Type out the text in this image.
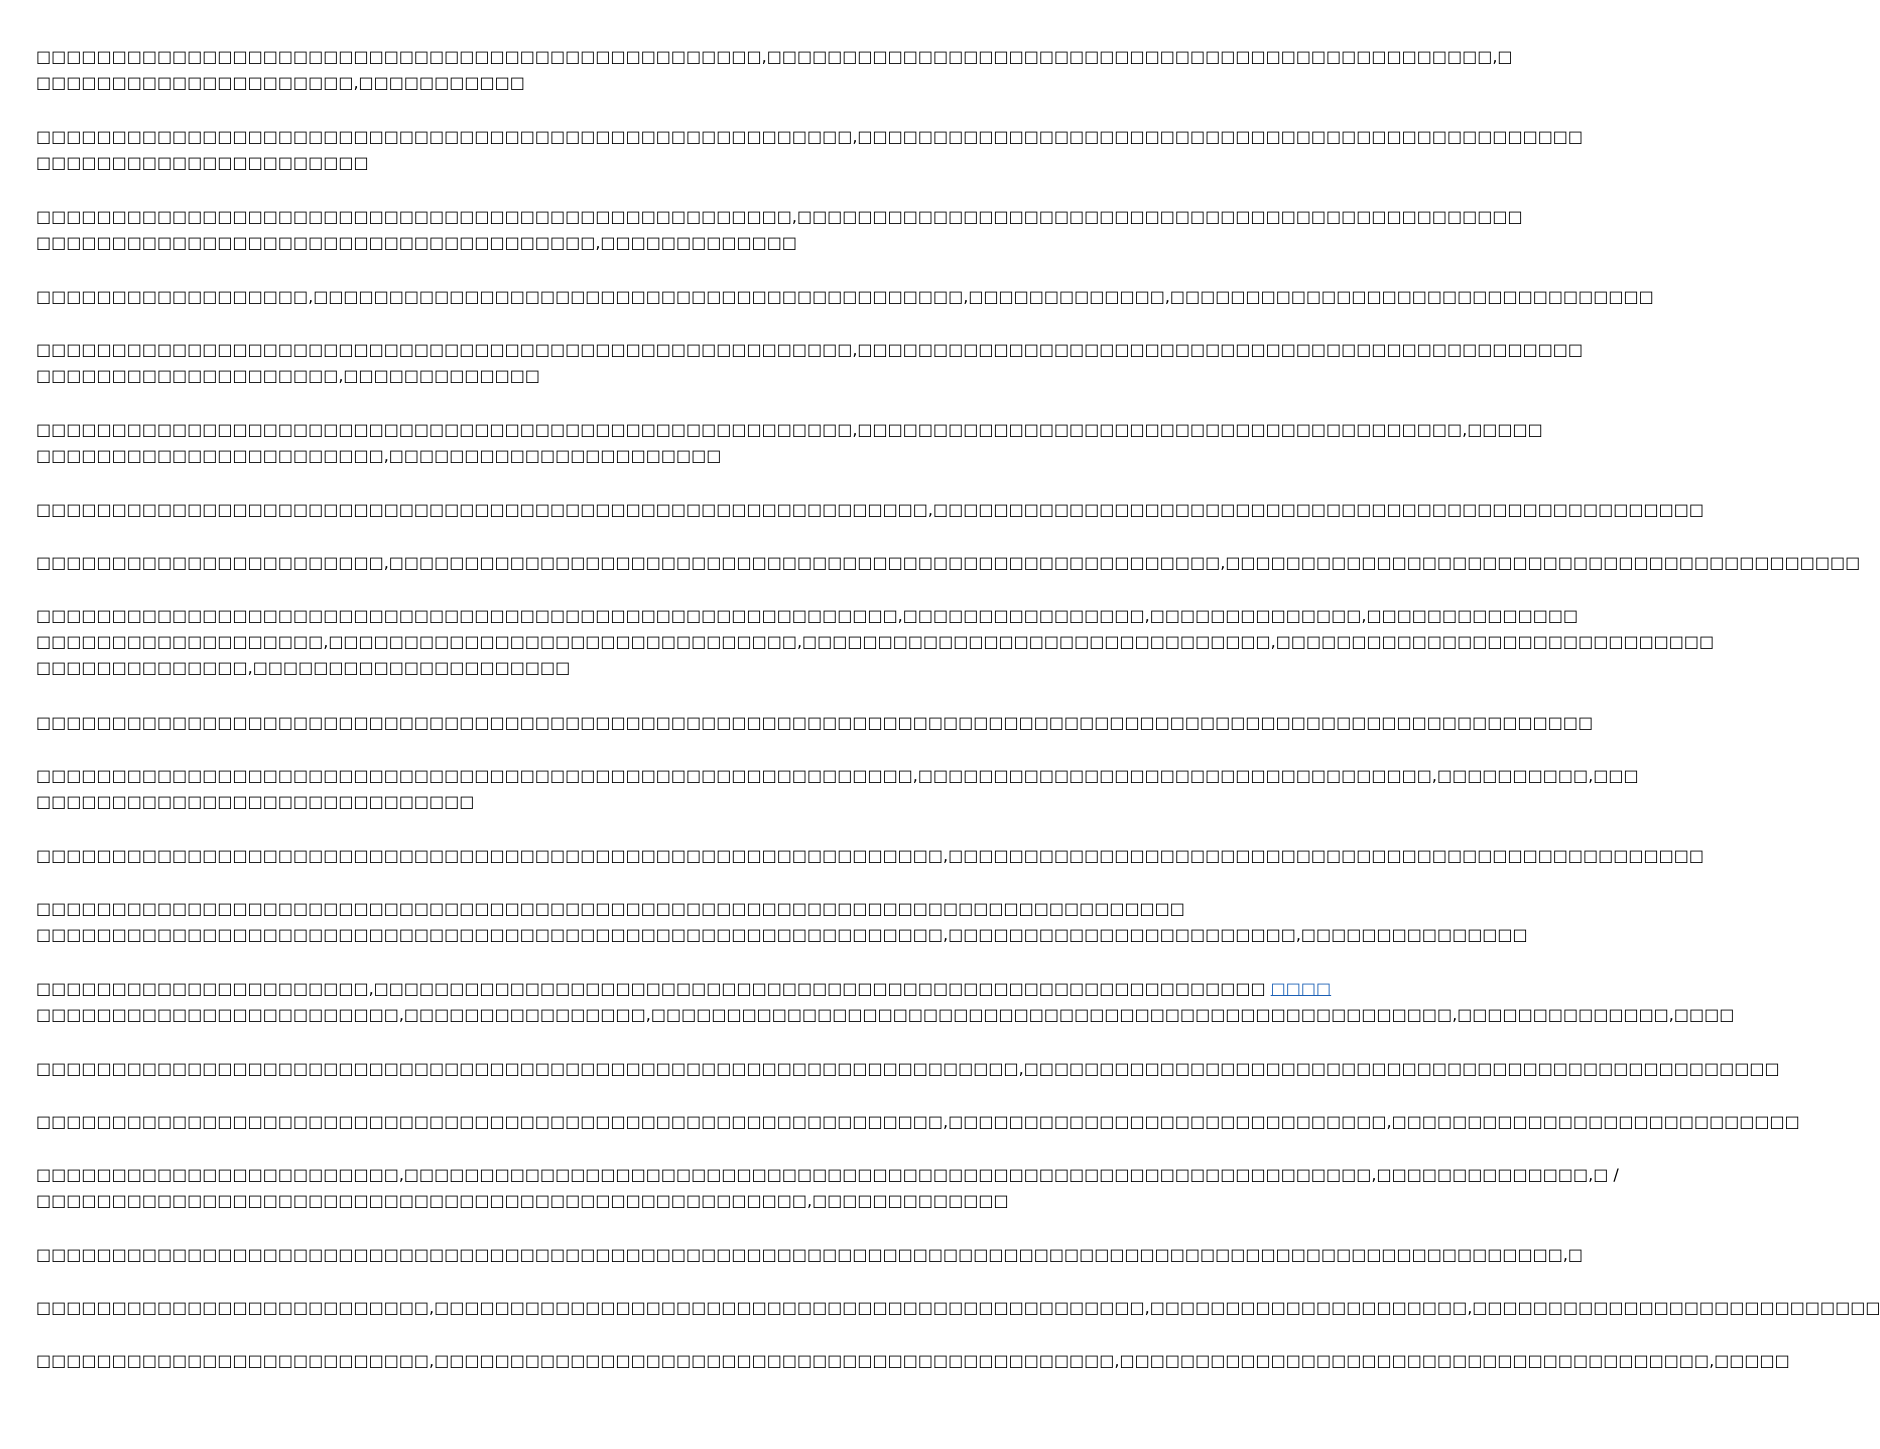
□□□□□□□□□□□□□□□□□□□□□□□□□□□□□□□□□□□□□□□□□□□□□□□□,□□□□□□□□□□□□□□□□□□□□□□□□□□□□□□□□□□□□□□□□□□□□□□□□,□
□□□□□□□□□□□□□□□□□□□□□,□□□□□□□□□□□
□□□□□□□□□□□□□□□□□□□□□□□□□□□□□□□□□□□□□□□□□□□□□□□□□□□□□□,□□□□□□□□□□□□□□□□□□□□□□□□□□□□□□□□□□□□□□□□□□□□□□□□
□□□□□□□□□□□□□□□□□□□□□□
□□□□□□□□□□□□□□□□□□□□□□□□□□□□□□□□□□□□□□□□□□□□□□□□□□,□□□□□□□□□□□□□□□□□□□□□□□□□□□□□□□□□□□□□□□□□□□□□□□□
□□□□□□□□□□□□□□□□□□□□□□□□□□□□□□□□□□□□□,□□□□□□□□□□□□□
□□□□□□□□□□□□□□□□□□,□□□□□□□□□□□□□□□□□□□□□□□□□□□□□□□□□□□□□□□□□□□,□□□□□□□□□□□□□,□□□□□□□□□□□□□□□□□□□□□□□□□□□□□□□□
□□□□□□□□□□□□□□□□□□□□□□□□□□□□□□□□□□□□□□□□□□□□□□□□□□□□□□,□□□□□□□□□□□□□□□□□□□□□□□□□□□□□□□□□□□□□□□□□□□□□□□□
□□□□□□□□□□□□□□□□□□□□,□□□□□□□□□□□□□
□□□□□□□□□□□□□□□□□□□□□□□□□□□□□□□□□□□□□□□□□□□□□□□□□□□□□□,□□□□□□□□□□□□□□□□□□□□□□□□□□□□□□□□□□□□□□□□,□□□□□
□□□□□□□□□□□□□□□□□□□□□□□,□□□□□□□□□□□□□□□□□□□□□□
□□□□□□□□□□□□□□□□□□□□□□□□□□□□□□□□□□□□□□□□□□□□□□□□□□□□□□□□□□□,□□□□□□□□□□□□□□□□□□□□□□□□□□□□□□□□□□□□□□□□□□□□□□□□□□□
□□□□□□□□□□□□□□□□□□□□□□□,□□□□□□□□□□□□□□□□□□□□□□□□□□□□□□□□□□□□□□□□□□□□□□□□□□□□□□□,□□□□□□□□□□□□□□□□□□□□□□□□□□□□□□□□□□□□□□□□□□
□□□□□□□□□□□□□□□□□□□□□□□□□□□□□□□□□□□□□□□□□□□□□□□□□□□□□□□□□,□□□□□□□□□□□□□□□□,□□□□□□□□□□□□□□,□□□□□□□□□□□□□□
□□□□□□□□□□□□□□□□□□□,□□□□□□□□□□□□□□□□□□□□□□□□□□□□□□□,□□□□□□□□□□□□□□□□□□□□□□□□□□□□□□□,□□□□□□□□□□□□□□□□□□□□□□□□□□□□□
□□□□□□□□□□□□□□,□□□□□□□□□□□□□□□□□□□□□
□□□□□□□□□□□□□□□□□□□□□□□□□□□□□□□□□□□□□□□□□□□□□□□□□□□□□□□□□□□□□□□□□□□□□□□□□□□□□□□□□□□□□□□□□□□□□□□□□□□□□□□
□□□□□□□□□□□□□□□□□□□□□□□□□□□□□□□□□□□□□□□□□□□□□□□□□□□□□□□□□□,□□□□□□□□□□□□□□□□□□□□□□□□□□□□□□□□□□,□□□□□□□□□□,□□□
□□□□□□□□□□□□□□□□□□□□□□□□□□□□□
□□□□□□□□□□□□□□□□□□□□□□□□□□□□□□□□□□□□□□□□□□□□□□□□□□□□□□□□□□□□,□□□□□□□□□□□□□□□□□□□□□□□□□□□□□□□□□□□□□□□□□□□□□□□□□□
□□□□□□□□□□□□□□□□□□□□□□□□□□□□□□□□□□□□□□□□□□□□□□□□□□□□□□□□□□□□□□□□□□□□□□□□□□□□
□□□□□□□□□□□□□□□□□□□□□□□□□□□□□□□□□□□□□□□□□□□□□□□□□□□□□□□□□□□□,□□□□□□□□□□□□□□□□□□□□□□□,□□□□□□□□□□□□□□□
□□□□□□□□□□□□□□□□□□□□□□,□□□□□□□□□□□□□□□□□□□□□□□□□□□□□□□□□□□□□□□□□□□□□□□□□□□□□□□□□□□ □□□□
□□□□□□□□□□□□□□□□□□□□□□□□,□□□□□□□□□□□□□□□□,□□□□□□□□□□□□□□□□□□□□□□□□□□□□□□□□□□□□□□□□□□□□□□□□□□□□□,□□□□□□□□□□□□□□,□□□□
□□□□□□□□□□□□□□□□□□□□□□□□□□□□□□□□□□□□□□□□□□□□□□□□□□□□□□□□□□□□□□□□□,□□□□□□□□□□□□□□□□□□□□□□□□□□□□□□□□□□□□□□□□□□□□□□□□□□
□□□□□□□□□□□□□□□□□□□□□□□□□□□□□□□□□□□□□□□□□□□□□□□□□□□□□□□□□□□□,□□□□□□□□□□□□□□□□□□□□□□□□□□□□□,□□□□□□□□□□□□□□□□□□□□□□□□□□□
□□□□□□□□□□□□□□□□□□□□□□□□,□□□□□□□□□□□□□□□□□□□□□□□□□□□□□□□□□□□□□□□□□□□□□□□□□□□□□□□□□□□□□□□□,□□□□□□□□□□□□□□,□ /
□□□□□□□□□□□□□□□□□□□□□□□□□□□□□□□□□□□□□□□□□□□□□□□□□□□,□□□□□□□□□□□□□
□□□□□□□□□□□□□□□□□□□□□□□□□□□□□□□□□□□□□□□□□□□□□□□□□□□□□□□□□□□□□□□□□□□□□□□□□□□□□□□□□□□□□□□□□□□□□□□□□□□□□,□
□□□□□□□□□□□□□□□□□□□□□□□□□□,□□□□□□□□□□□□□□□□□□□□□□□□□□□□□□□□□□□□□□□□□□□□□□□,□□□□□□□□□□□□□□□□□□□□□,□□□□□□□□□□□□□□□□□□□□□□□□□□□
□□□□□□□□□□□□□□□□□□□□□□□□□□,□□□□□□□□□□□□□□□□□□□□□□□□□□□□□□□□□□□□□□□□□□□□□,□□□□□□□□□□□□□□□□□□□□□□□□□□□□□□□□□□□□□□□,□□□□□
